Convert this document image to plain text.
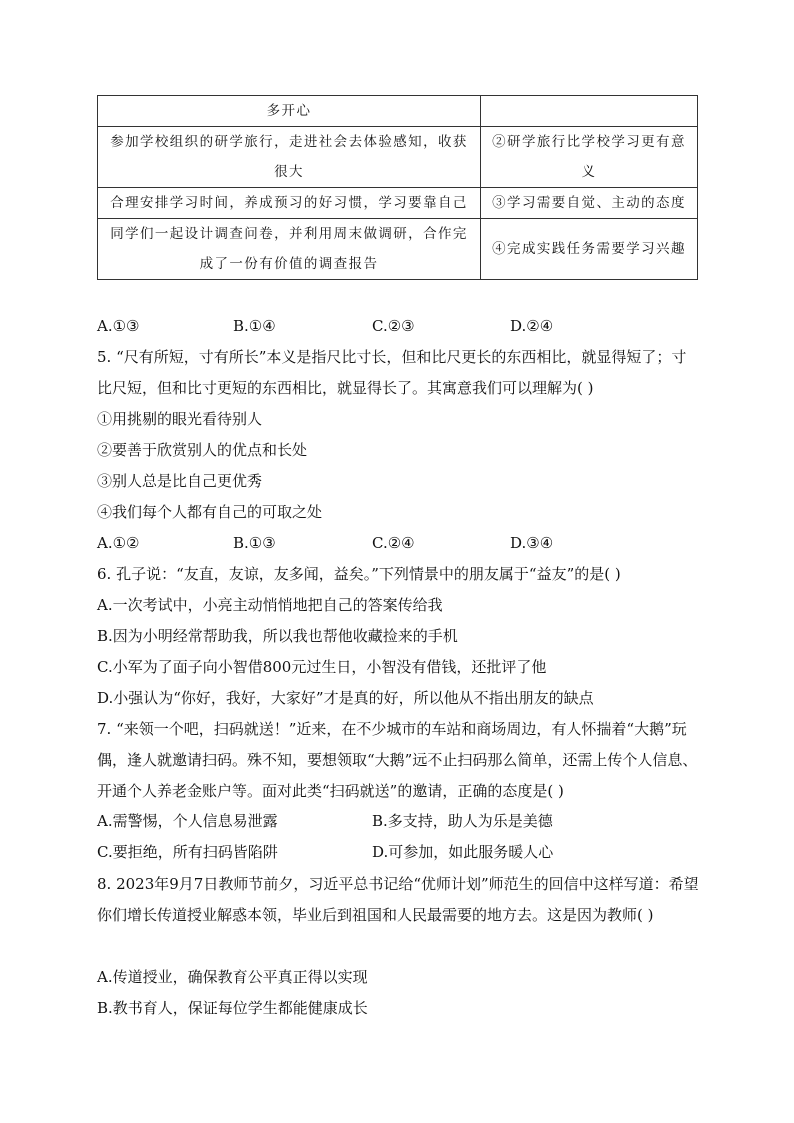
多开心	
参加学校组织的研学旅行，走进社会去体验感知，收获很大	②研学旅行比学校学习更有意义
合理安排学习时间，养成预习的好习惯，学习要靠自己	③学习需要自觉、主动的态度
同学们一起设计调查问卷，并利用周末做调研，合作完成了一份有价值的调查报告	④完成实践任务需要学习兴趣
A.①③	B.①④	C.②③	D.②④
5. “尺有所短，寸有所长”本义是指尺比寸长，但和比尺更长的东西相比，就显得短了；寸比尺短，但和比寸更短的东西相比，就显得长了。其寓意我们可以理解为( )
①用挑剔的眼光看待别人
②要善于欣赏别人的优点和长处
③别人总是比自己更优秀
④我们每个人都有自己的可取之处
A.①②	B.①③	C.②④	D.③④
6. 孔子说：“友直，友谅，友多闻，益矣。”下列情景中的朋友属于“益友”的是( )
A.一次考试中，小亮主动悄悄地把自己的答案传给我
B.因为小明经常帮助我，所以我也帮他收藏捡来的手机
C.小军为了面子向小智借800元过生日，小智没有借钱，还批评了他
D.小强认为“你好，我好，大家好”才是真的好，所以他从不指出朋友的缺点
7. “来领一个吧，扫码就送！”近来，在不少城市的车站和商场周边，有人怀揣着“大鹅”玩偶，逢人就邀请扫码。殊不知，要想领取“大鹅”远不止扫码那么简单，还需上传个人信息、开通个人养老金账户等。面对此类“扫码就送”的邀请，正确的态度是( )
A.需警惕，个人信息易泄露	B.多支持，助人为乐是美德
C.要拒绝，所有扫码皆陷阱	D.可参加，如此服务暖人心
8. 2023年9月7日教师节前夕，习近平总书记给“优师计划”师范生的回信中这样写道：希望你们增长传道授业解惑本领，毕业后到祖国和人民最需要的地方去。这是因为教师( )
A.传道授业，确保教育公平真正得以实现
B.教书育人，保证每位学生都能健康成长
